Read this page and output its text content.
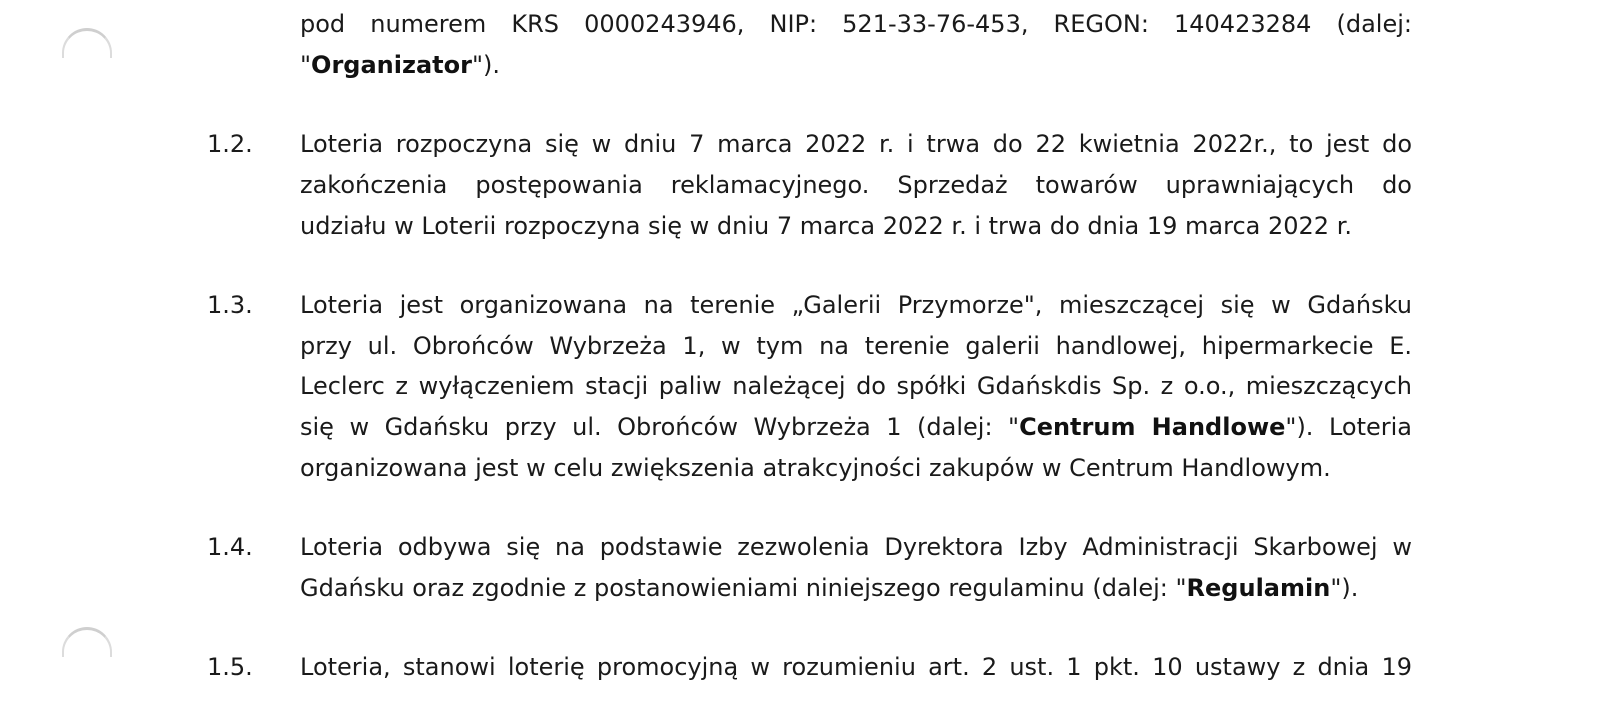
pod numerem KRS 0000243946, NIP: 521-33-76-453, REGON: 140423284 (dalej:
"Organizator").
1.2. Loteria rozpoczyna się w dniu 7 marca 2022 r. i trwa do 22 kwietnia 2022r., to jest do
zakończenia postępowania reklamacyjnego. Sprzedaż towarów uprawniających do
udziału w Loterii rozpoczyna się w dniu 7 marca 2022 r. i trwa do dnia 19 marca 2022 r.
1.3. Loteria jest organizowana na terenie „Galerii Przymorze", mieszczącej się w Gdańsku
przy ul. Obrońców Wybrzeża 1, w tym na terenie galerii handlowej, hipermarkecie E.
Leclerc z wyłączeniem stacji paliw należącej do spółki Gdańskdis Sp. z o.o., mieszczących
się w Gdańsku przy ul. Obrońców Wybrzeża 1 (dalej: "Centrum Handlowe"). Loteria
organizowana jest w celu zwiększenia atrakcyjności zakupów w Centrum Handlowym.
1.4. Loteria odbywa się na podstawie zezwolenia Dyrektora Izby Administracji Skarbowej w
Gdańsku oraz zgodnie z postanowieniami niniejszego regulaminu (dalej: "Regulamin").
1.5. Loteria, stanowi loterię promocyjną w rozumieniu art. 2 ust. 1 pkt. 10 ustawy z dnia 19
